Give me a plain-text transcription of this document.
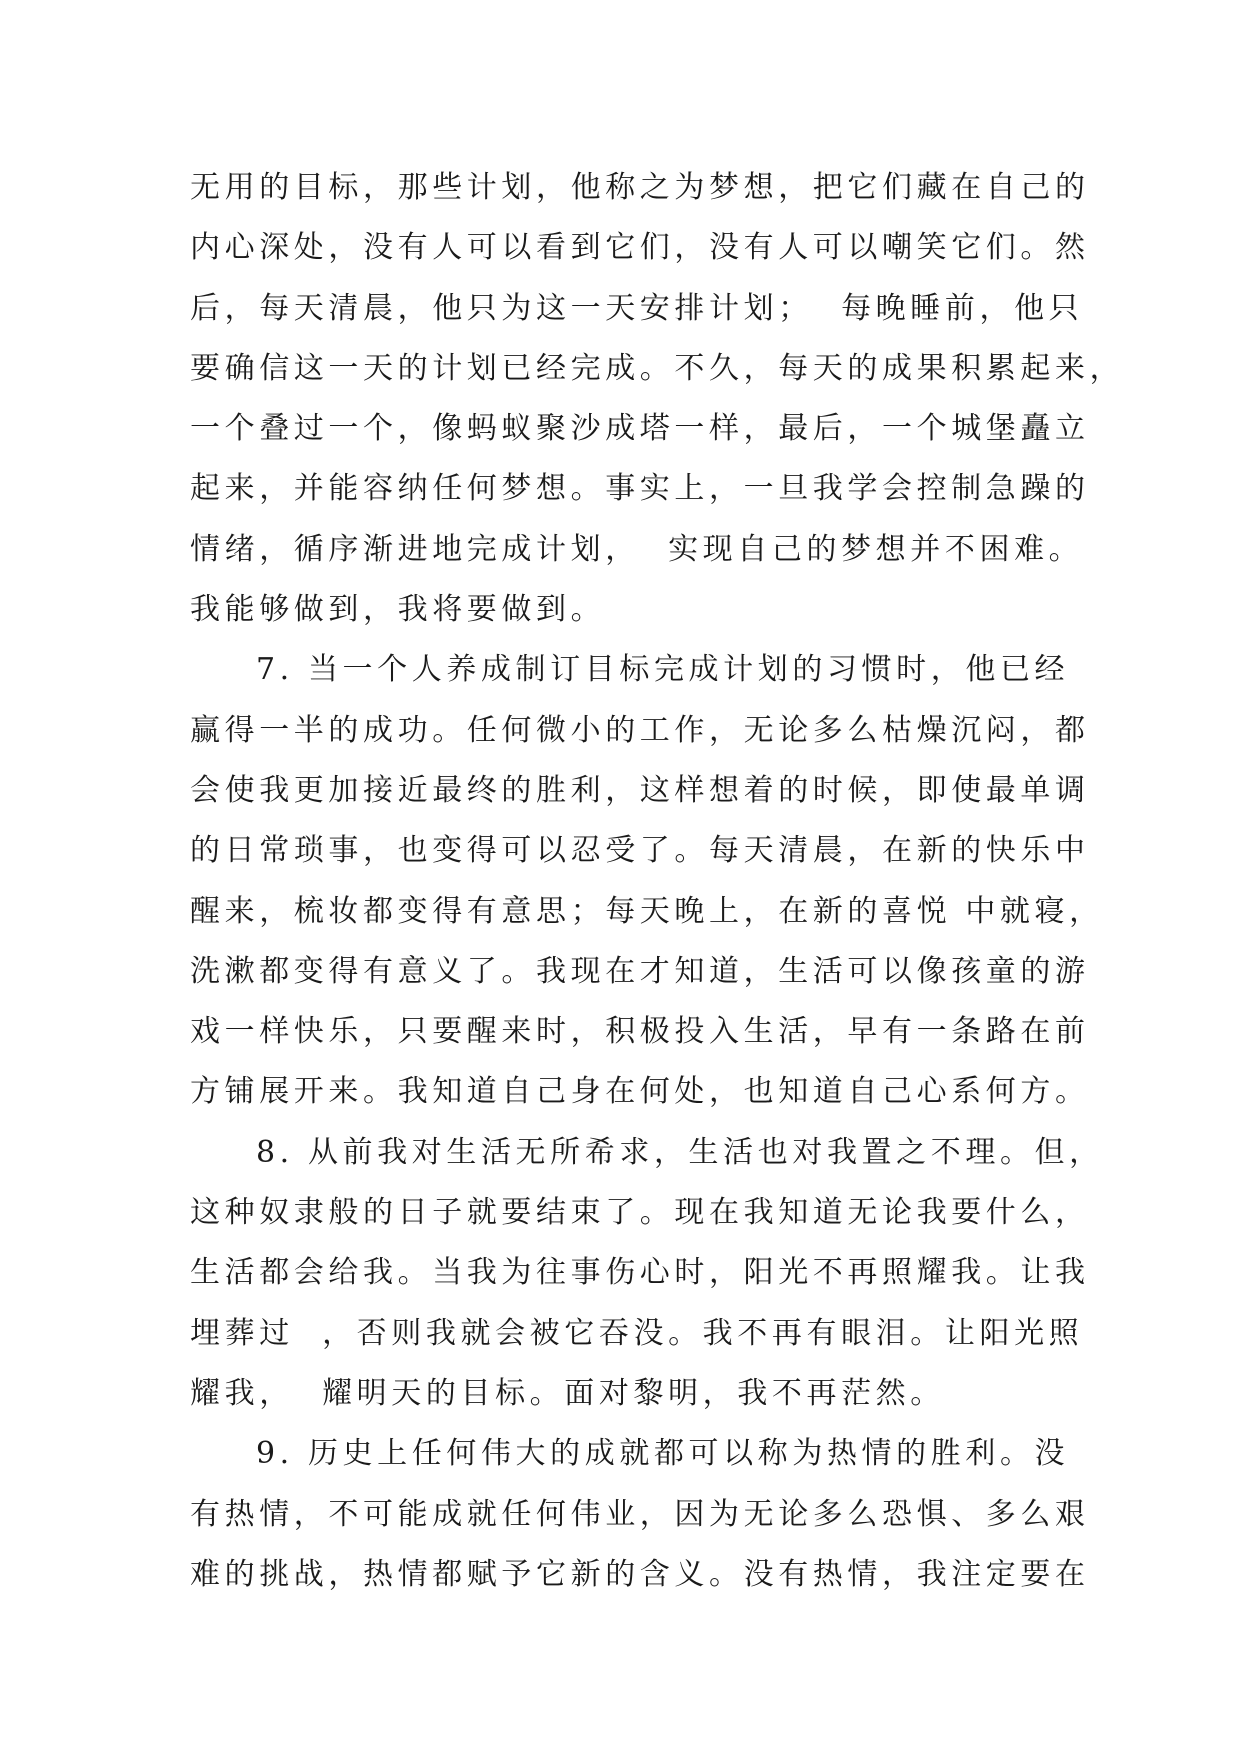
无用的目标，那些计划，他称之为梦想，把它们藏在自己的
内心深处，没有人可以看到它们，没有人可以嘲笑它们。然
后，每天清晨，他只为这一天安排计划；  每晚睡前，他只
要确信这一天的计划已经完成。不久，每天的成果积累起来，
一个叠过一个，像蚂蚁聚沙成塔一样，最后，一个城堡矗立
起来，并能容纳任何梦想。事实上，一旦我学会控制急躁的
情绪，循序渐进地完成计划，  实现自己的梦想并不困难。
我能够做到，我将要做到。
7. 当一个人养成制订目标完成计划的习惯时，他已经
赢得一半的成功。任何微小的工作，无论多么枯燥沉闷，都
会使我更加接近最终的胜利，这样想着的时候，即使最单调
的日常琐事，也变得可以忍受了。每天清晨，在新的快乐中
醒来，梳妆都变得有意思；每天晚上，在新的喜悦 中就寝，
洗漱都变得有意义了。我现在才知道，生活可以像孩童的游
戏一样快乐，只要醒来时，积极投入生活，早有一条路在前
方铺展开来。我知道自己身在何处，也知道自己心系何方。
8. 从前我对生活无所希求，生活也对我置之不理。但，
这种奴隶般的日子就要结束了。现在我知道无论我要什么，
生活都会给我。当我为往事伤心时，阳光不再照耀我。让我
埋葬过  ，否则我就会被它吞没。我不再有眼泪。让阳光照
耀我，  耀明天的目标。面对黎明，我不再茫然。
9. 历史上任何伟大的成就都可以称为热情的胜利。没
有热情，不可能成就任何伟业，因为无论多么恐惧、多么艰
难的挑战，热情都赋予它新的含义。没有热情，我注定要在
